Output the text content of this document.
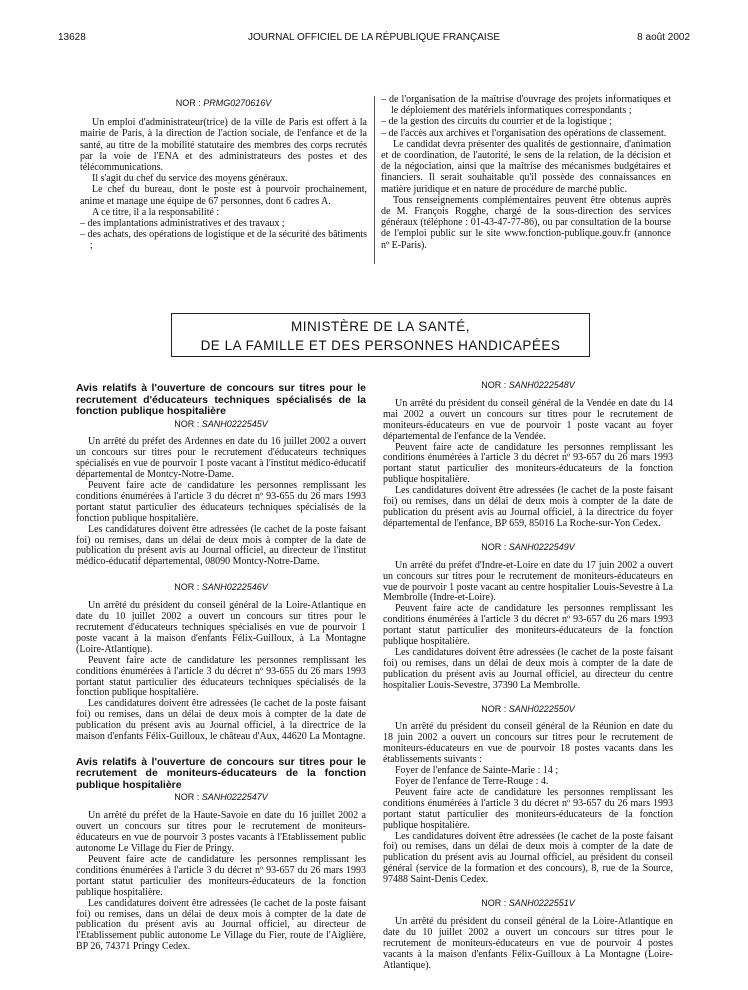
13628	JOURNAL OFFICIEL DE LA RÉPUBLIQUE FRANÇAISE	8 août 2002

NOR : PRMG0270616V

Un emploi d'administrateur(trice) de la ville de Paris est offert à la mairie de Paris, à la direction de l'action sociale, de l'enfance et de la santé, au titre de la mobilité statutaire des membres des corps recrutés par la voie de l'ENA et des administrateurs des postes et des télécommunications.

Il s'agit du chef du service des moyens généraux.

Le chef du bureau, dont le poste est à pourvoir prochainement, anime et manage une équipe de 67 personnes, dont 6 cadres A.

A ce titre, il a la responsabilité :

– des implantations administratives et des travaux ;

– des achats, des opérations de logistique et de la sécurité des bâtiments ;

– de l'organisation de la maîtrise d'ouvrage des projets informatiques et le déploiement des matériels informatiques correspondants ;

– de la gestion des circuits du courrier et de la logistique ;

– de l'accès aux archives et l'organisation des opérations de classement.

Le candidat devra présenter des qualités de gestionnaire, d'animation et de coordination, de l'autorité, le sens de la relation, de la décision et de la négociation, ainsi que la maîtrise des mécanismes budgétaires et financiers. Il serait souhaitable qu'il possède des connaissances en matière juridique et en nature de procédure de marché public.

Tous renseignements complémentaires peuvent être obtenus auprès de M. François Rogghe, chargé de la sous-direction des services généraux (téléphone : 01-43-47-77-86), ou par consultation de la bourse de l'emploi public sur le site www.fonction-publique.gouv.fr (annonce nº E-Paris).

MINISTÈRE DE LA SANTÉ,
DE LA FAMILLE ET DES PERSONNES HANDICAPÉES

Avis relatifs à l'ouverture de concours sur titres pour le recrutement d'éducateurs techniques spécialisés de la fonction publique hospitalière

NOR : SANH0222545V

Un arrêté du préfet des Ardennes en date du 16 juillet 2002 a ouvert un concours sur titres pour le recrutement d'éducateurs techniques spécialisés en vue de pourvoir 1 poste vacant à l'institut médico-éducatif départemental de Montcy-Notre-Dame.

Peuvent faire acte de candidature les personnes remplissant les conditions énumérées à l'article 3 du décret nº 93-655 du 26 mars 1993 portant statut particulier des éducateurs techniques spécialisés de la fonction publique hospitalière.

Les candidatures doivent être adressées (le cachet de la poste faisant foi) ou remises, dans un délai de deux mois à compter de la date de publication du présent avis au Journal officiel, au directeur de l'institut médico-éducatif départemental, 08090 Montcy-Notre-Dame.

NOR : SANH0222546V

Un arrêté du président du conseil général de la Loire-Atlantique en date du 10 juillet 2002 a ouvert un concours sur titres pour le recrutement d'éducateurs techniques spécialisés en vue de pourvoir 1 poste vacant à la maison d'enfants Félix-Guilloux, à La Montagne (Loire-Atlantique).

Peuvent faire acte de candidature les personnes remplissant les conditions énumérées à l'article 3 du décret nº 93-655 du 26 mars 1993 portant statut particulier des éducateurs techniques spécialisés de la fonction publique hospitalière.

Les candidatures doivent être adressées (le cachet de la poste faisant foi) ou remises, dans un délai de deux mois à compter de la date de publication du présent avis au Journal officiel, à la directrice de la maison d'enfants Félix-Guilloux, le château d'Aux, 44620 La Montagne.

Avis relatifs à l'ouverture de concours sur titres pour le recrutement de moniteurs-éducateurs de la fonction publique hospitalière

NOR : SANH0222547V

Un arrêté du préfet de la Haute-Savoie en date du 16 juillet 2002 a ouvert un concours sur titres pour le recrutement de moniteurs-éducateurs en vue de pourvoir 3 postes vacants à l'Etablissement public autonome Le Village du Fier de Pringy.

Peuvent faire acte de candidature les personnes remplissant les conditions énumérées à l'article 3 du décret nº 93-657 du 26 mars 1993 portant statut particulier des moniteurs-éducateurs de la fonction publique hospitalière.

Les candidatures doivent être adressées (le cachet de la poste faisant foi) ou remises, dans un délai de deux mois à compter de la date de publication du présent avis au Journal officiel, au directeur de l'Etablissement public autonome Le Village du Fier, route de l'Aiglière, BP 26, 74371 Pringy Cedex.

NOR : SANH0222548V

Un arrêté du président du conseil général de la Vendée en date du 14 mai 2002 a ouvert un concours sur titres pour le recrutement de moniteurs-éducateurs en vue de pourvoir 1 poste vacant au foyer départemental de l'enfance de la Vendée.

Peuvent faire acte de candidature les personnes remplissant les conditions énumérées à l'article 3 du décret nº 93-657 du 26 mars 1993 portant statut particulier des moniteurs-éducateurs de la fonction publique hospitalière.

Les candidatures doivent être adressées (le cachet de la poste faisant foi) ou remises, dans un délai de deux mois à compter de la date de publication du présent avis au Journal officiel, à la directrice du foyer départemental de l'enfance, BP 659, 85016 La Roche-sur-Yon Cedex.

NOR : SANH0222549V

Un arrêté du préfet d'Indre-et-Loire en date du 17 juin 2002 a ouvert un concours sur titres pour le recrutement de moniteurs-éducateurs en vue de pourvoir 1 poste vacant au centre hospitalier Louis-Sevestre à La Membrolle (Indre-et-Loire).

Peuvent faire acte de candidature les personnes remplissant les conditions énumérées à l'article 3 du décret nº 93-657 du 26 mars 1993 portant statut particulier des moniteurs-éducateurs de la fonction publique hospitalière.

Les candidatures doivent être adressées (le cachet de la poste faisant foi) ou remises, dans un délai de deux mois à compter de la date de publication du présent avis au Journal officiel, au directeur du centre hospitalier Louis-Sevestre, 37390 La Membrolle.

NOR : SANH0222550V

Un arrêté du président du conseil général de la Réunion en date du 18 juin 2002 a ouvert un concours sur titres pour le recrutement de moniteurs-éducateurs en vue de pourvoir 18 postes vacants dans les établissements suivants :

Foyer de l'enfance de Sainte-Marie : 14 ;

Foyer de l'enfance de Terre-Rouge : 4.

Peuvent faire acte de candidature les personnes remplissant les conditions énumérées à l'article 3 du décret nº 93-657 du 26 mars 1993 portant statut particulier des moniteurs-éducateurs de la fonction publique hospitalière.

Les candidatures doivent être adressées (le cachet de la poste faisant foi) ou remises, dans un délai de deux mois à compter de la date de publication du présent avis au Journal officiel, au président du conseil général (service de la formation et des concours), 8, rue de la Source, 97488 Saint-Denis Cedex.

NOR : SANH0222551V

Un arrêté du président du conseil général de la Loire-Atlantique en date du 10 juillet 2002 a ouvert un concours sur titres pour le recrutement de moniteurs-éducateurs en vue de pourvoir 4 postes vacants à la maison d'enfants Félix-Guilloux à La Montagne (Loire-Atlantique).
